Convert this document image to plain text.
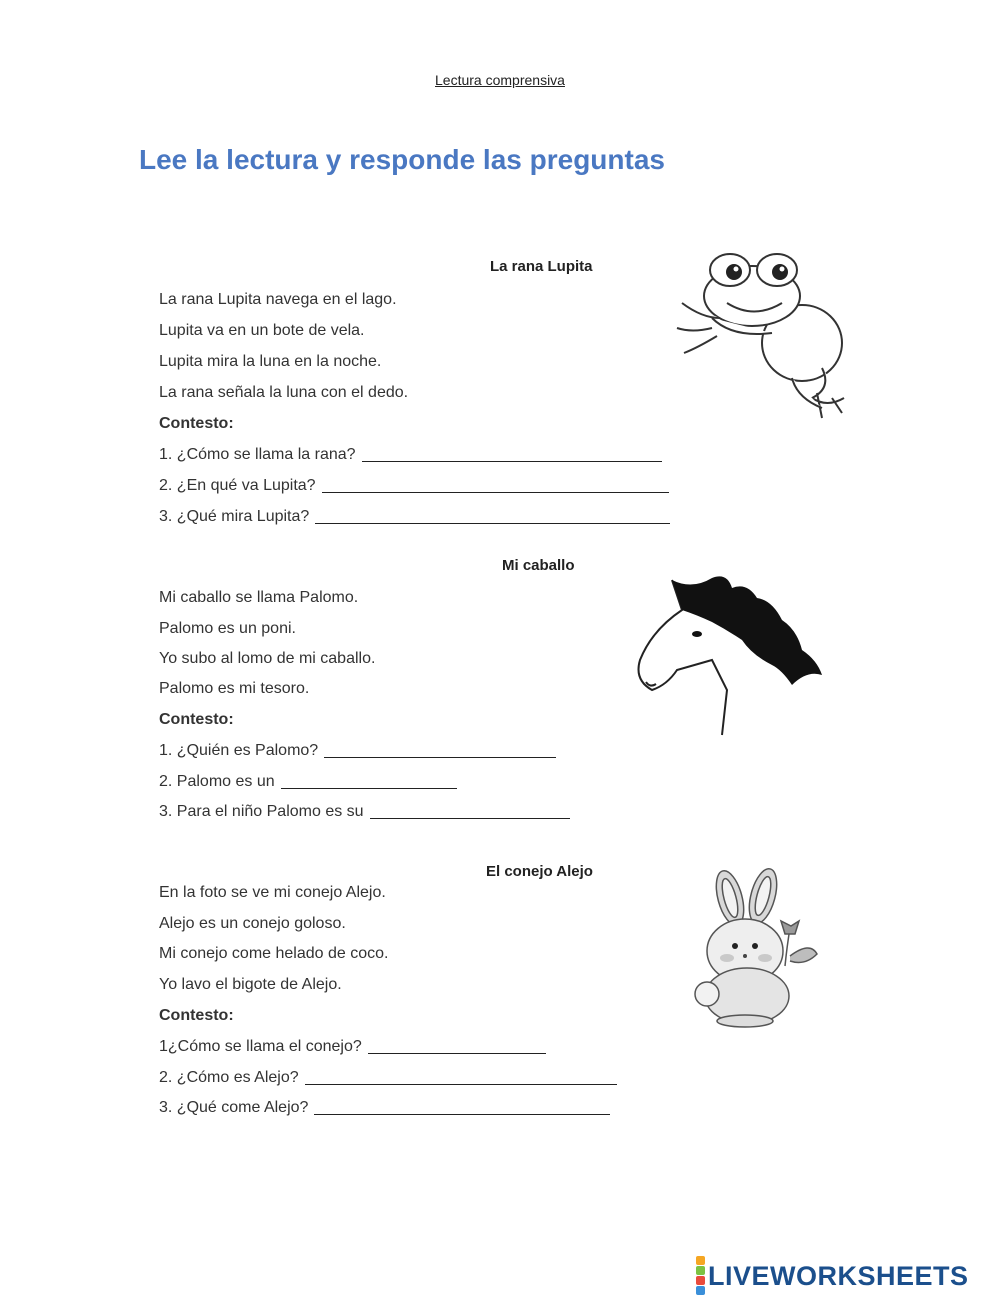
Lectura comprensiva
Lee la lectura y responde las preguntas
La rana Lupita
La rana Lupita navega en el lago.
Lupita va en un bote de vela.
Lupita mira la luna en la noche.
La rana señala la luna con el dedo.
Contesto:
1. ¿Cómo se llama la rana?
2. ¿En qué va Lupita?
3. ¿Qué mira Lupita?
Mi caballo
Mi caballo se llama Palomo.
Palomo es un poni.
Yo subo al lomo de mi caballo.
Palomo es mi tesoro.
Contesto:
1. ¿Quién es Palomo?
2. Palomo es un
3. Para el niño Palomo es su
El conejo Alejo
En la foto se ve mi conejo Alejo.
Alejo es un conejo goloso.
Mi conejo come helado de coco.
Yo lavo el bigote de Alejo.
Contesto:
1¿Cómo se llama el conejo?
2. ¿Cómo es Alejo?
3. ¿Qué come Alejo?
LIVEWORKSHEETS
